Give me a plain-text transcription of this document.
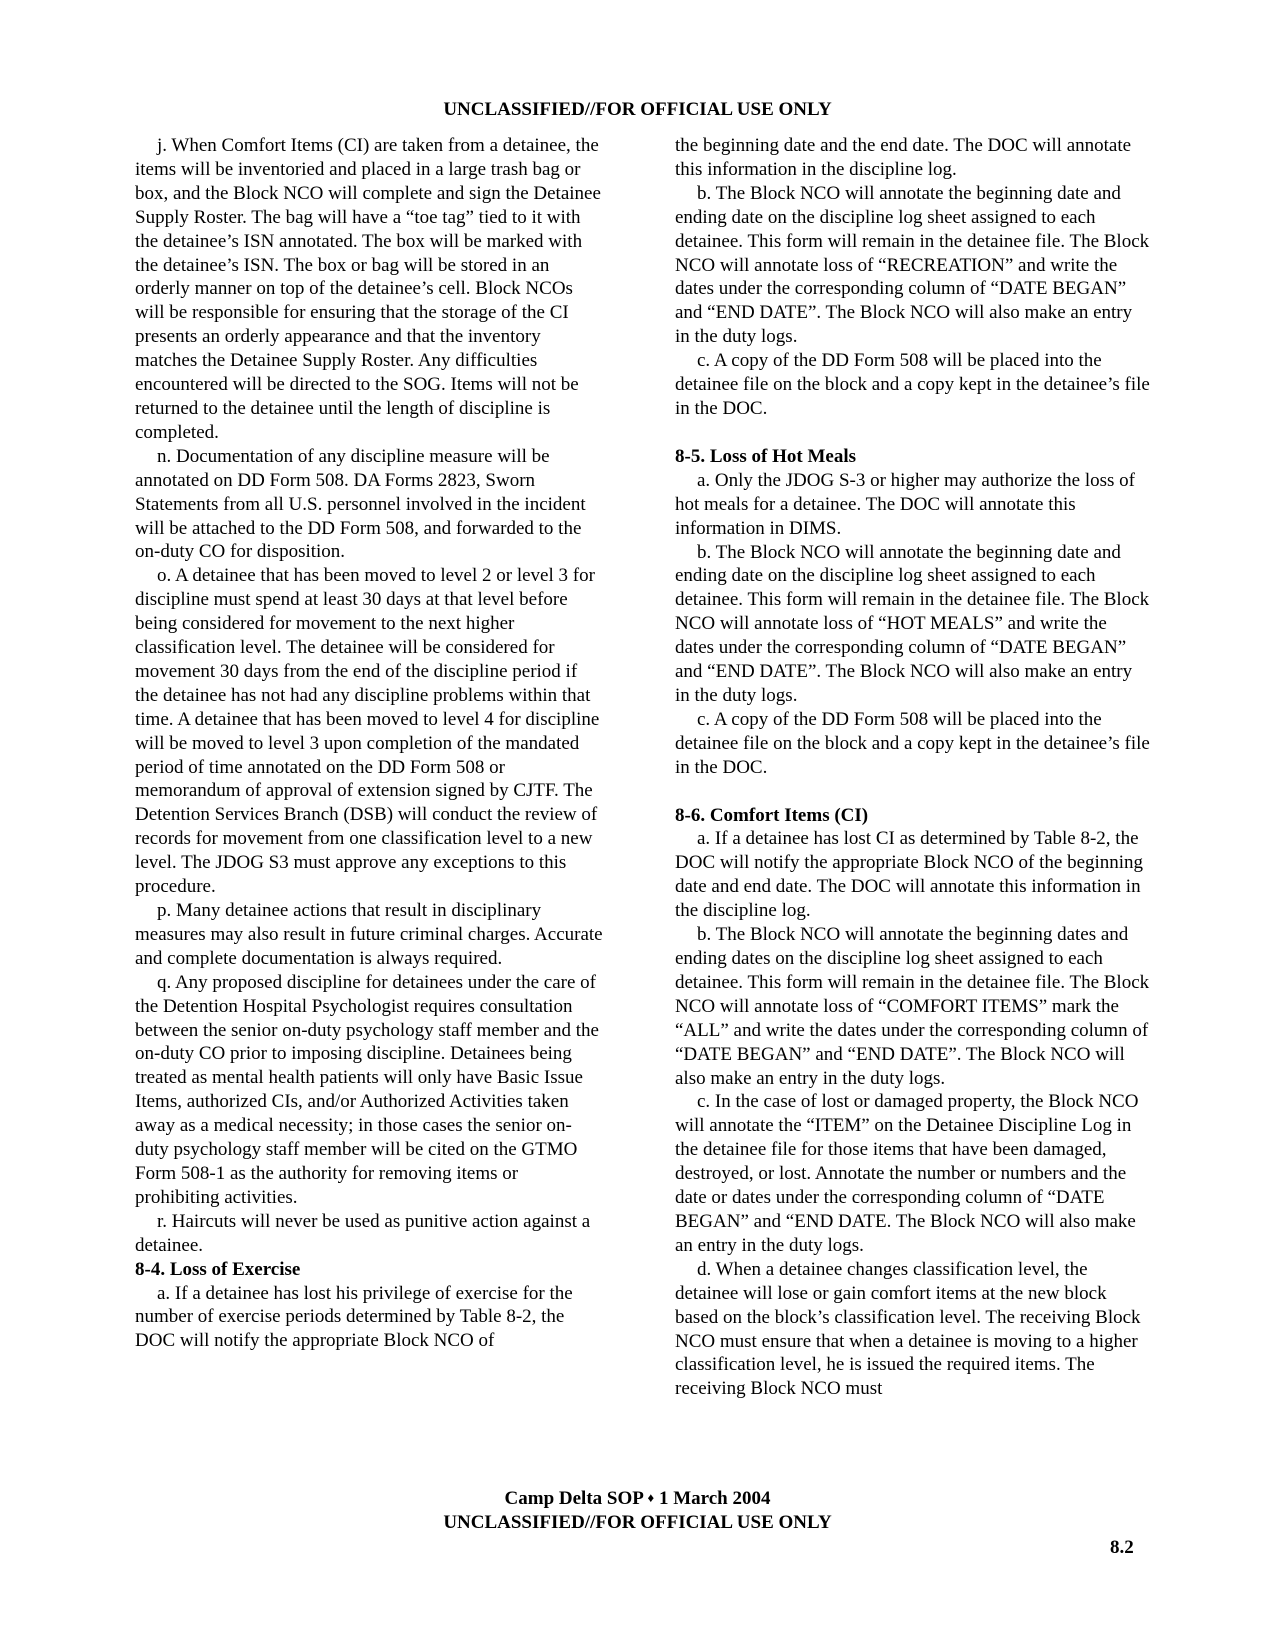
UNCLASSIFIED//FOR OFFICIAL USE ONLY

j. When Comfort Items (CI) are taken from a detainee, the items will be inventoried and placed in a large trash bag or box, and the Block NCO will complete and sign the Detainee Supply Roster. The bag will have a “toe tag” tied to it with the detainee’s ISN annotated. The box will be marked with the detainee’s ISN. The box or bag will be stored in an orderly manner on top of the detainee’s cell. Block NCOs will be responsible for ensuring that the storage of the CI presents an orderly appearance and that the inventory matches the Detainee Supply Roster. Any difficulties encountered will be directed to the SOG. Items will not be returned to the detainee until the length of discipline is completed.

n. Documentation of any discipline measure will be annotated on DD Form 508. DA Forms 2823, Sworn Statements from all U.S. personnel involved in the incident will be attached to the DD Form 508, and forwarded to the on-duty CO for disposition.

o. A detainee that has been moved to level 2 or level 3 for discipline must spend at least 30 days at that level before being considered for movement to the next higher classification level. The detainee will be considered for movement 30 days from the end of the discipline period if the detainee has not had any discipline problems within that time. A detainee that has been moved to level 4 for discipline will be moved to level 3 upon completion of the mandated period of time annotated on the DD Form 508 or memorandum of approval of extension signed by CJTF. The Detention Services Branch (DSB) will conduct the review of records for movement from one classification level to a new level. The JDOG S3 must approve any exceptions to this procedure.

p. Many detainee actions that result in disciplinary measures may also result in future criminal charges. Accurate and complete documentation is always required.

q. Any proposed discipline for detainees under the care of the Detention Hospital Psychologist requires consultation between the senior on-duty psychology staff member and the on-duty CO prior to imposing discipline. Detainees being treated as mental health patients will only have Basic Issue Items, authorized CIs, and/or Authorized Activities taken away as a medical necessity; in those cases the senior on-duty psychology staff member will be cited on the GTMO Form 508-1 as the authority for removing items or prohibiting activities.

r. Haircuts will never be used as punitive action against a detainee.

8-4. Loss of Exercise

a. If a detainee has lost his privilege of exercise for the number of exercise periods determined by Table 8-2, the DOC will notify the appropriate Block NCO of

the beginning date and the end date. The DOC will annotate this information in the discipline log.

b. The Block NCO will annotate the beginning date and ending date on the discipline log sheet assigned to each detainee. This form will remain in the detainee file. The Block NCO will annotate loss of “RECREATION” and write the dates under the corresponding column of “DATE BEGAN” and “END DATE”. The Block NCO will also make an entry in the duty logs.

c. A copy of the DD Form 508 will be placed into the detainee file on the block and a copy kept in the detainee’s file in the DOC.

8-5. Loss of Hot Meals

a. Only the JDOG S-3 or higher may authorize the loss of hot meals for a detainee. The DOC will annotate this information in DIMS.

b. The Block NCO will annotate the beginning date and ending date on the discipline log sheet assigned to each detainee. This form will remain in the detainee file. The Block NCO will annotate loss of “HOT MEALS” and write the dates under the corresponding column of “DATE BEGAN” and “END DATE”. The Block NCO will also make an entry in the duty logs.

c. A copy of the DD Form 508 will be placed into the detainee file on the block and a copy kept in the detainee’s file in the DOC.

8-6. Comfort Items (CI)

a. If a detainee has lost CI as determined by Table 8-2, the DOC will notify the appropriate Block NCO of the beginning date and end date. The DOC will annotate this information in the discipline log.

b. The Block NCO will annotate the beginning dates and ending dates on the discipline log sheet assigned to each detainee. This form will remain in the detainee file. The Block NCO will annotate loss of “COMFORT ITEMS” mark the “ALL” and write the dates under the corresponding column of “DATE BEGAN” and “END DATE”. The Block NCO will also make an entry in the duty logs.

c. In the case of lost or damaged property, the Block NCO will annotate the “ITEM” on the Detainee Discipline Log in the detainee file for those items that have been damaged, destroyed, or lost. Annotate the number or numbers and the date or dates under the corresponding column of “DATE BEGAN” and “END DATE. The Block NCO will also make an entry in the duty logs.

d. When a detainee changes classification level, the detainee will lose or gain comfort items at the new block based on the block’s classification level. The receiving Block NCO must ensure that when a detainee is moving to a higher classification level, he is issued the required items. The receiving Block NCO must

Camp Delta SOP ♦ 1 March 2004
UNCLASSIFIED//FOR OFFICIAL USE ONLY
8.2
